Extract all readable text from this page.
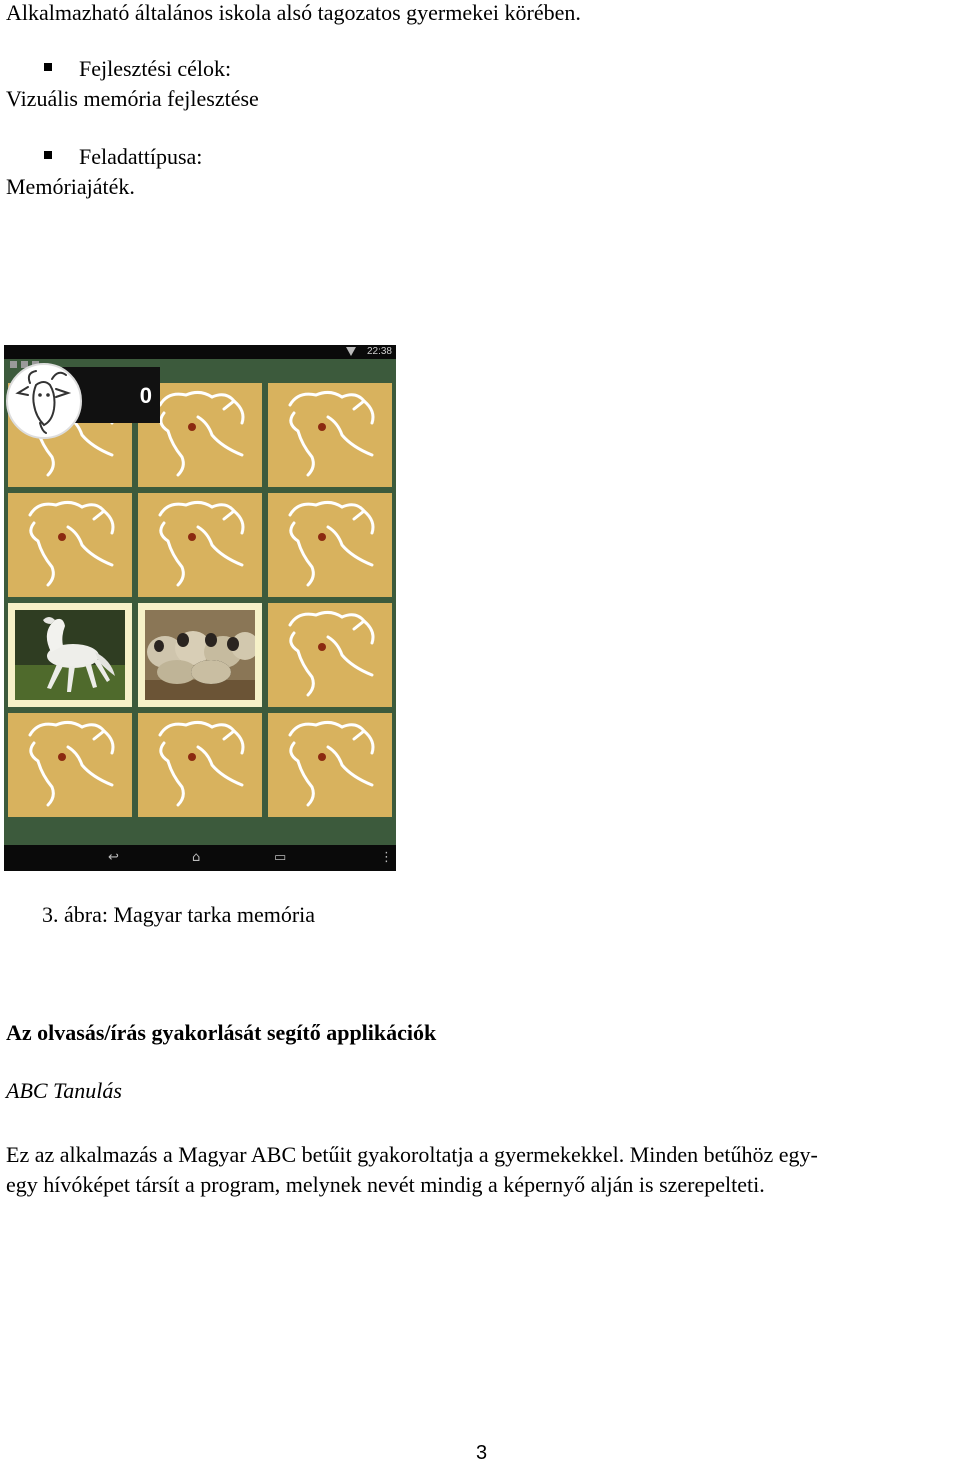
Alkalmazható általános iskola alsó tagozatos gyermekei körében.
Fejlesztési célok:
Vizuális memória fejlesztése
Feladattípusa:
Memóriajáték.
22:38
0
↩	⌂	▭	⋮
3. ábra: Magyar tarka memória
Az olvasás/írás gyakorlását segítő applikációk
ABC Tanulás
Ez az alkalmazás a Magyar ABC betűit gyakoroltatja a gyermekekkel. Minden betűhöz egy-
egy hívóképet társít a program, melynek nevét mindig a képernyő alján is szerepelteti.
3
